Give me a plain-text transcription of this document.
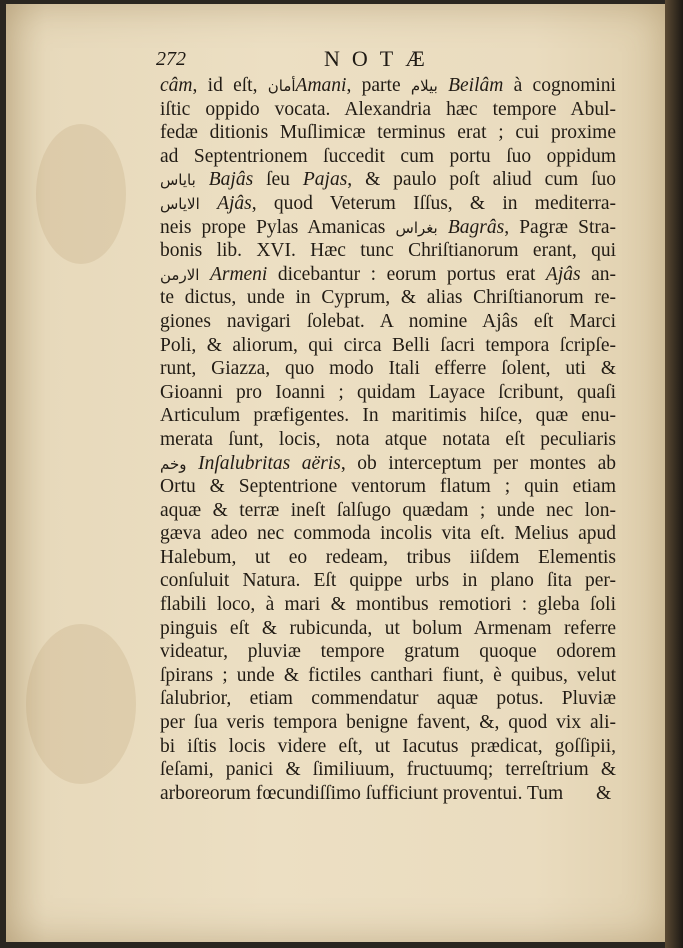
272	NOTÆ
câm, id eſt, أمانAmani, parte بيلام Beilâm à cognomini
iſtic oppido vocata. Alexandria hæc tempore Abul-
fedæ ditionis Muſlimicæ terminus erat ; cui proxime
ad Septentrionem ſuccedit cum portu ſuo oppidum
باياس Bajâs ſeu Pajas, & paulo poſt aliud cum ſuo
الاياس Ajâs, quod Veterum Iſſus, & in mediterra-
neis prope Pylas Amanicas بغراس Bagrâs, Pagræ Stra-
bonis lib. XVI. Hæc tunc Chriſtianorum erant, qui
الارمن Armeni dicebantur : eorum portus erat Ajâs an-
te dictus, unde in Cyprum, & alias Chriſtianorum re-
giones navigari ſolebat. A nomine Ajâs eſt Marci
Poli, & aliorum, qui circa Belli ſacri tempora ſcripſe-
runt, Giazza, quo modo Itali efferre ſolent, uti &
Gioanni pro Ioanni ; quidam Layace ſcribunt, quaſi
Articulum præfigentes. In maritimis hiſce, quæ enu-
merata ſunt, locis, nota atque notata eſt peculiaris
وخم Inſalubritas aëris, ob interceptum per montes ab
Ortu & Septentrione ventorum flatum ; quin etiam
aquæ & terræ ineſt ſalſugo quædam ; unde nec lon-
gæva adeo nec commoda incolis vita eſt. Melius apud
Halebum, ut eo redeam, tribus iiſdem Elementis
conſuluit Natura. Eſt quippe urbs in plano ſita per-
flabili loco, à mari & montibus remotiori : gleba ſoli
pinguis eſt & rubicunda, ut bolum Armenam referre
videatur, pluviæ tempore gratum quoque odorem
ſpirans ; unde & fictiles canthari fiunt, è quibus, velut
ſalubrior, etiam commendatur aquæ potus. Pluviæ
per ſua veris tempora benigne favent, &, quod vix ali-
bi iſtis locis videre eſt, ut Iacutus prædicat, goſſipii,
ſeſami, panici & ſimiliuum, fructuumq; terreſtrium &
arboreorum fœcundiſſimo ſufficiunt proventui. Tum	&
